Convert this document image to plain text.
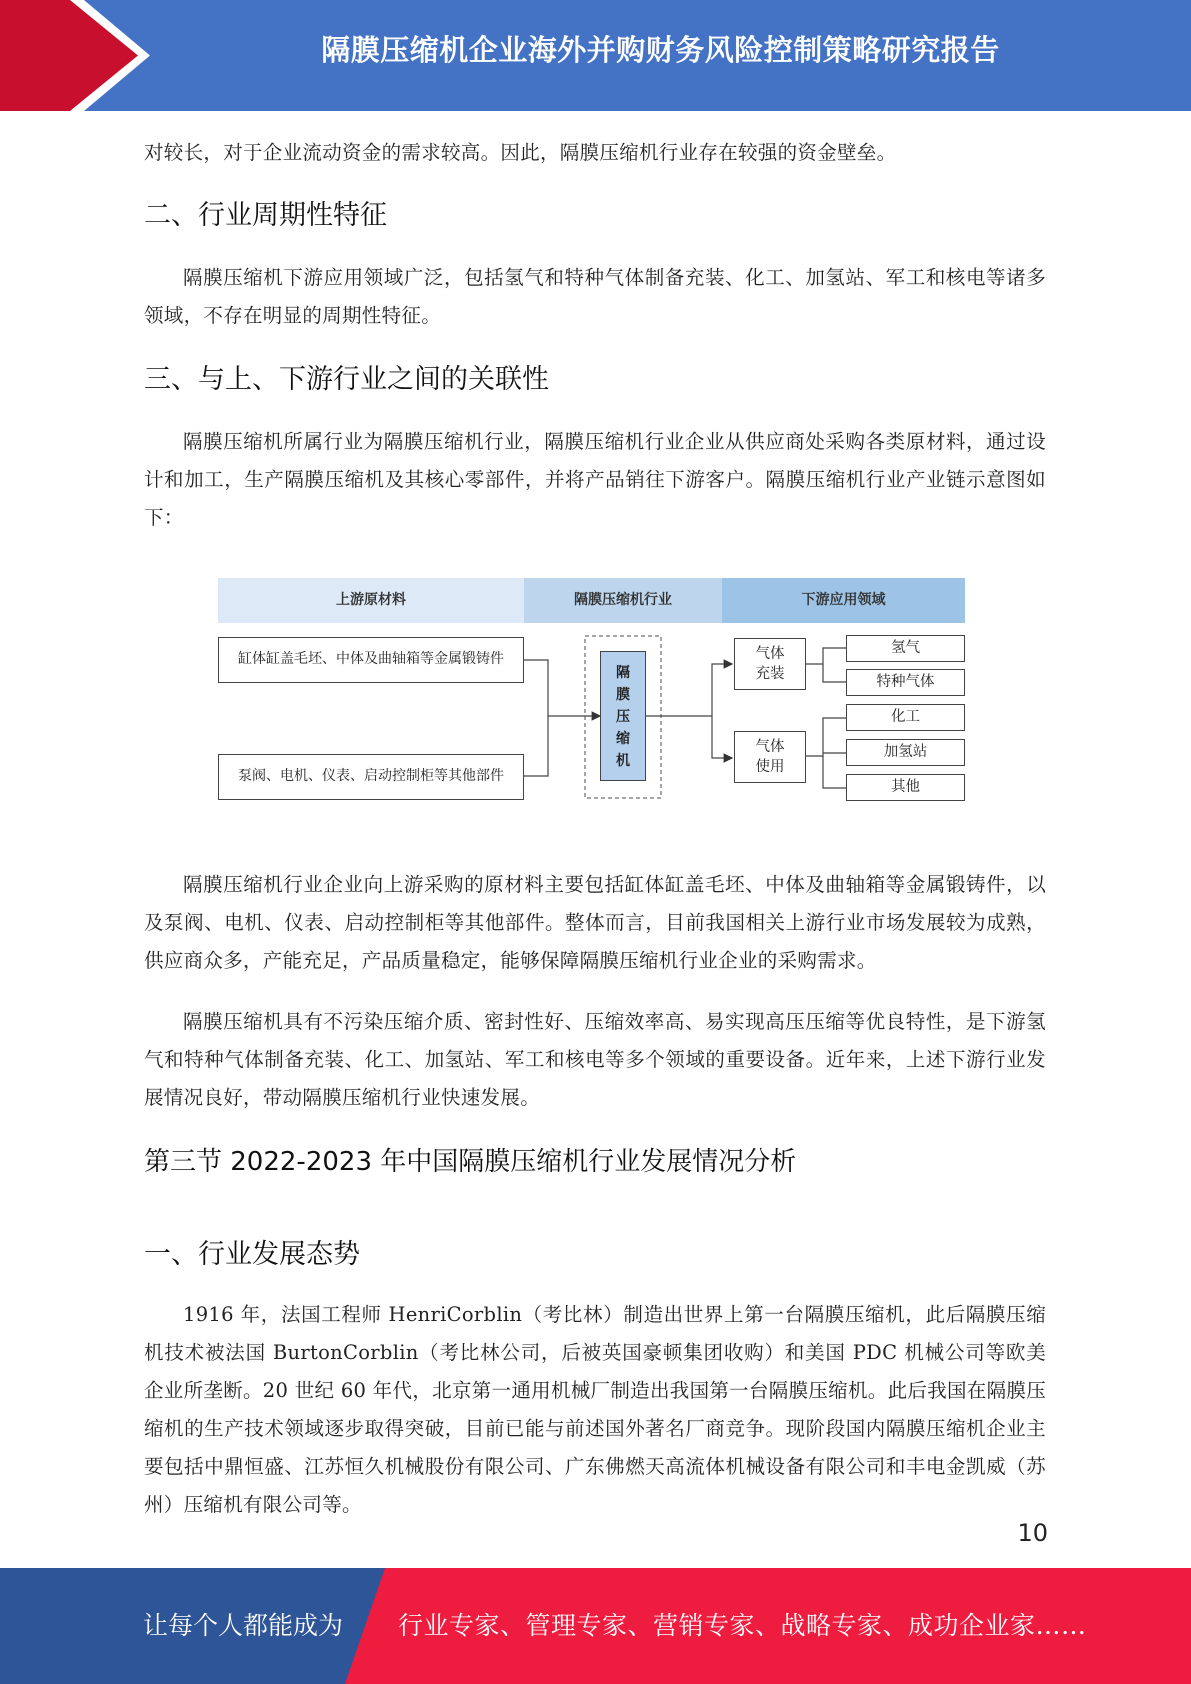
隔膜压缩机企业海外并购财务风险控制策略研究报告

对较长，对于企业流动资金的需求较高。因此，隔膜压缩机行业存在较强的资金壁垒。

二、行业周期性特征

隔膜压缩机下游应用领域广泛，包括氢气和特种气体制备充装、化工、加氢站、军工和核电等诸多领域，不存在明显的周期性特征。

三、与上、下游行业之间的关联性

隔膜压缩机所属行业为隔膜压缩机行业，隔膜压缩机行业企业从供应商处采购各类原材料，通过设计和加工，生产隔膜压缩机及其核心零部件，并将产品销往下游客户。隔膜压缩机行业产业链示意图如下：

上游原材料	隔膜压缩机行业	下游应用领域
缸体缸盖毛坯、中体及曲轴箱等金属锻铸件
泵阀、电机、仪表、启动控制柜等其他部件
隔
膜
压
缩
机
气体
充装
气体
使用
氢气
特种气体
化工
加氢站
其他

隔膜压缩机行业企业向上游采购的原材料主要包括缸体缸盖毛坯、中体及曲轴箱等金属锻铸件，以及泵阀、电机、仪表、启动控制柜等其他部件。整体而言，目前我国相关上游行业市场发展较为成熟，供应商众多，产能充足，产品质量稳定，能够保障隔膜压缩机行业企业的采购需求。

隔膜压缩机具有不污染压缩介质、密封性好、压缩效率高、易实现高压压缩等优良特性，是下游氢气和特种气体制备充装、化工、加氢站、军工和核电等多个领域的重要设备。近年来，上述下游行业发展情况良好，带动隔膜压缩机行业快速发展。

第三节 2022-2023 年中国隔膜压缩机行业发展情况分析
一、行业发展态势

1916 年，法国工程师 HenriCorblin（考比林）制造出世界上第一台隔膜压缩机，此后隔膜压缩机技术被法国 BurtonCorblin（考比林公司，后被英国豪顿集团收购）和美国 PDC 机械公司等欧美企业所垄断。20 世纪 60 年代，北京第一通用机械厂制造出我国第一台隔膜压缩机。此后我国在隔膜压缩机的生产技术领域逐步取得突破，目前已能与前述国外著名厂商竞争。现阶段国内隔膜压缩机企业主要包括中鼎恒盛、江苏恒久机械股份有限公司、广东佛燃天高流体机械设备有限公司和丰电金凯威（苏州）压缩机有限公司等。

10
让每个人都能成为 行业专家、管理专家、营销专家、战略专家、成功企业家……
